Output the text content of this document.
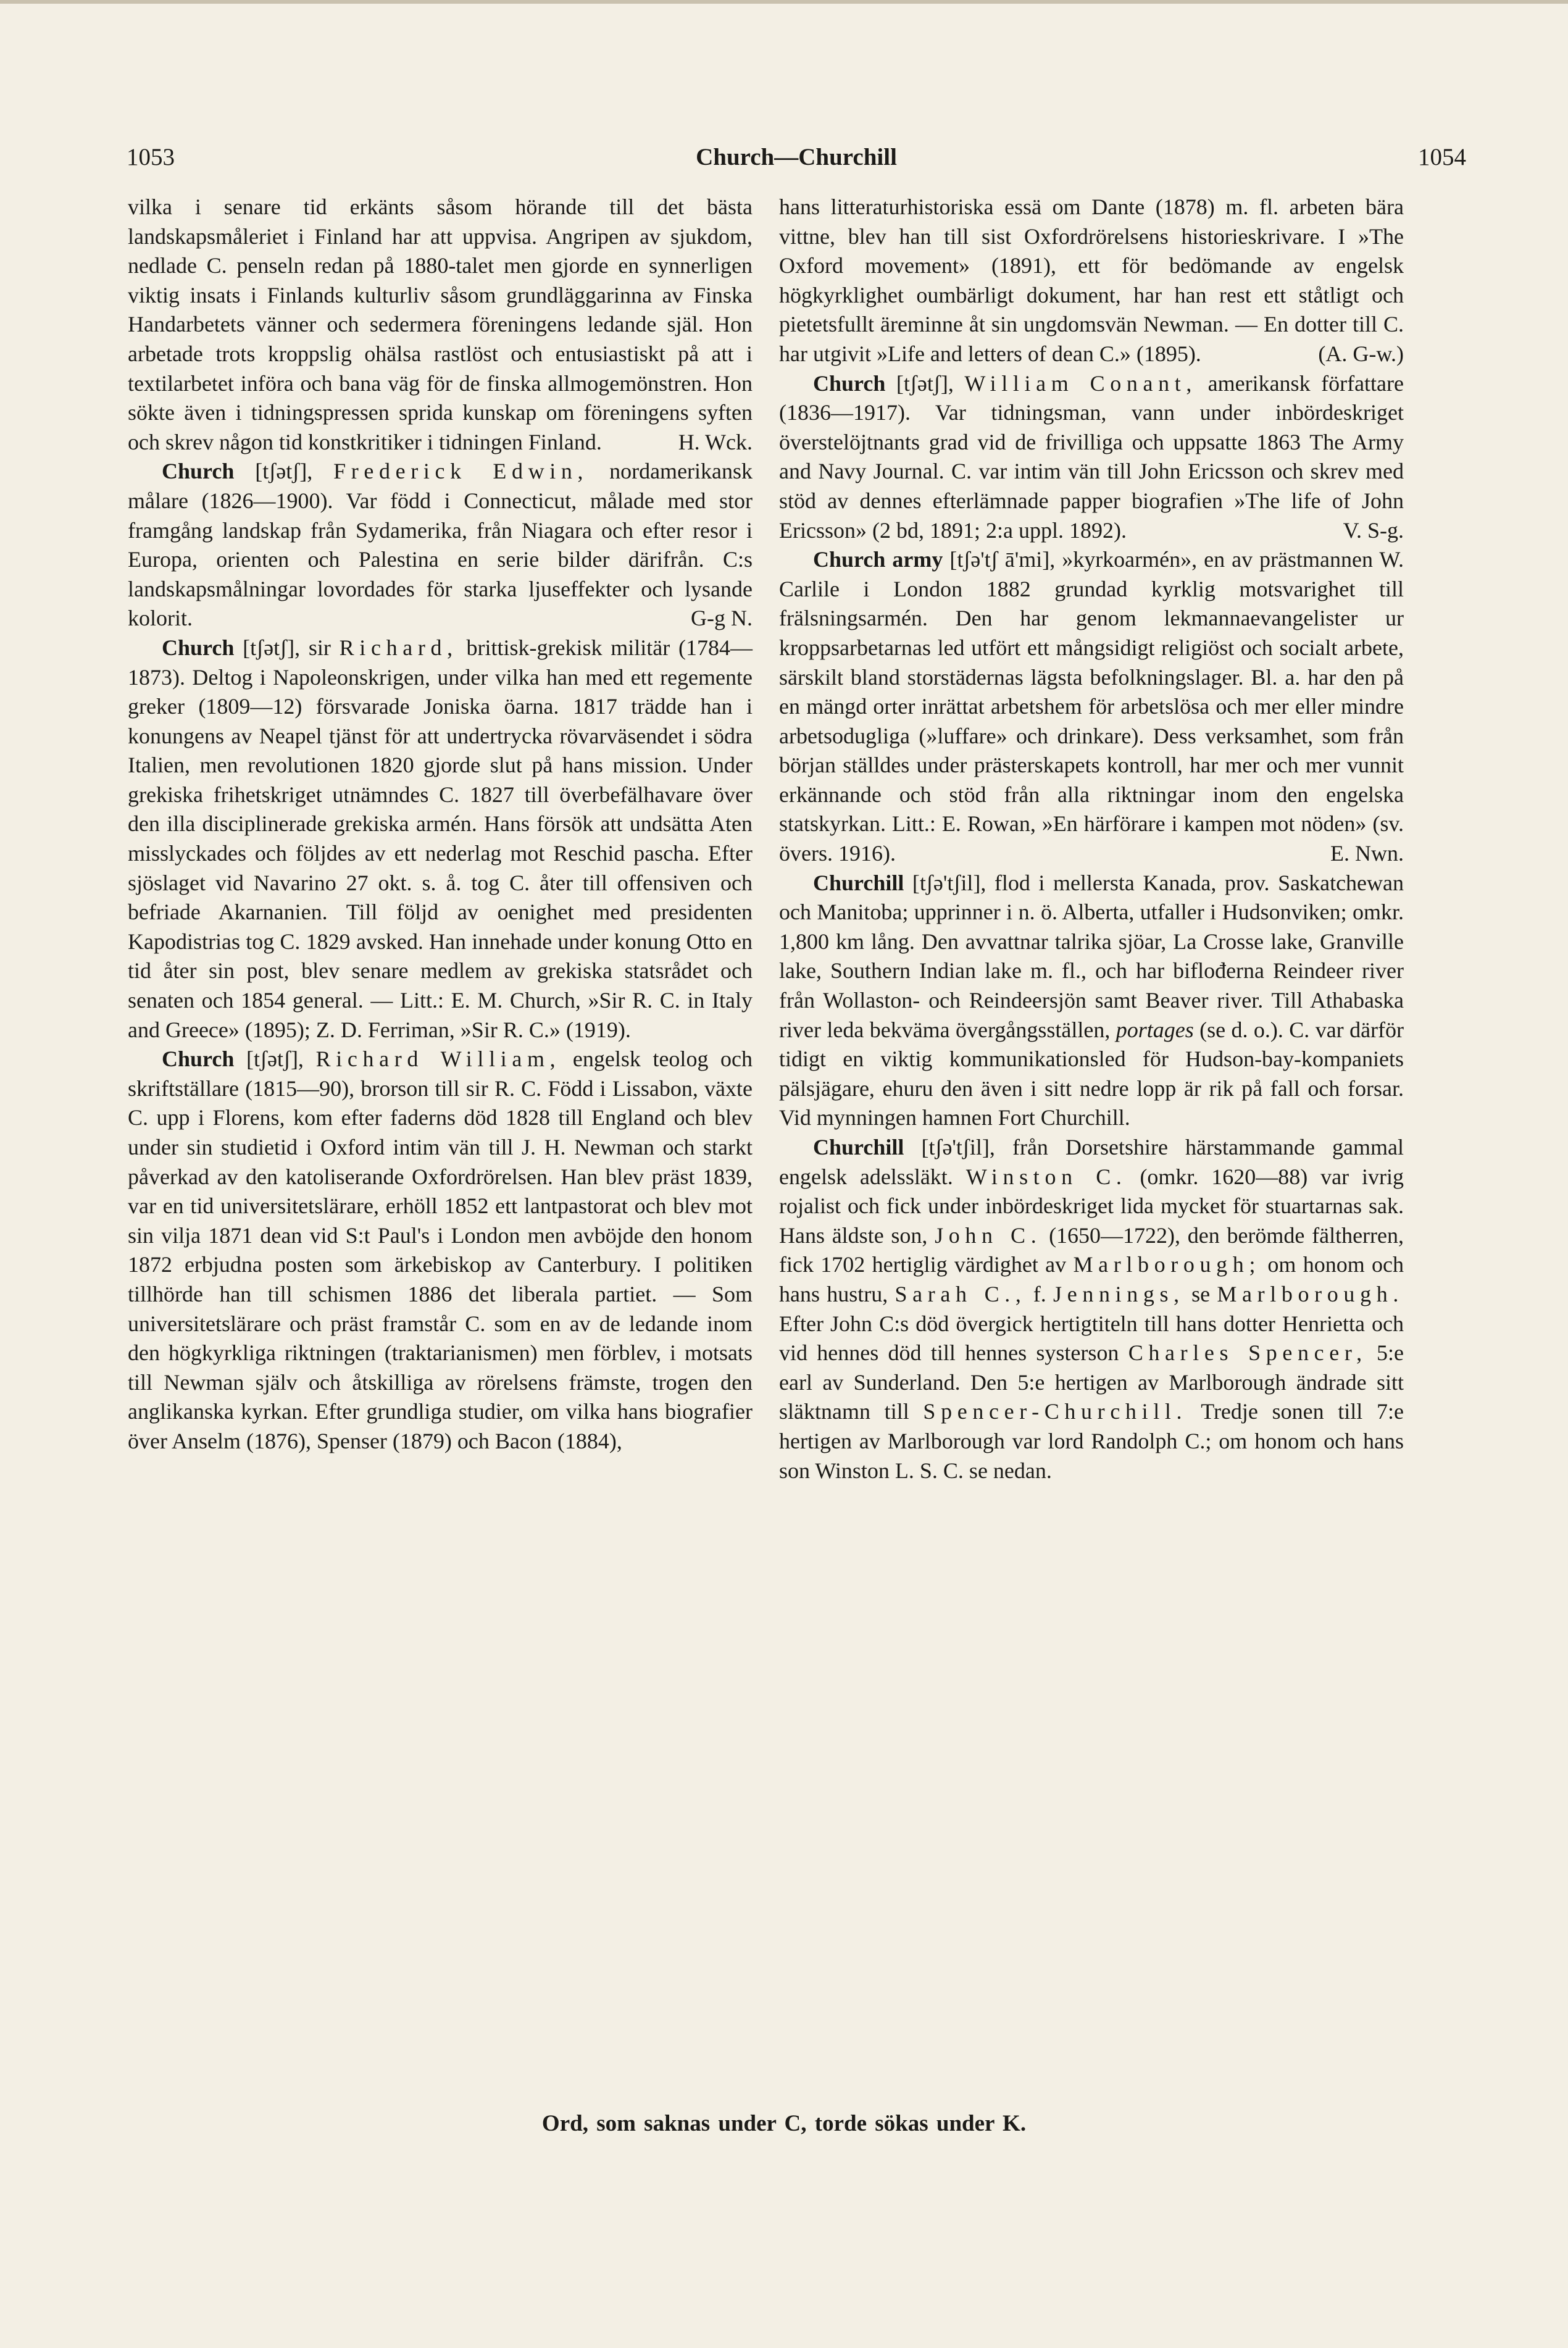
1053	Church—Churchill	1054

vilka i senare tid erkänts såsom hörande till det bästa landskapsmåleriet i Finland har att uppvisa. Angripen av sjukdom, nedlade C. penseln redan på 1880-talet men gjorde en synnerligen viktig insats i Finlands kulturliv såsom grundläggarinna av Finska Handarbetets vänner och sedermera föreningens ledande själ. Hon arbetade trots kroppslig ohälsa rastlöst och entusiastiskt på att i textilarbetet införa och bana väg för de finska allmogemönstren. Hon sökte även i tidningspressen sprida kunskap om föreningens syften och skrev någon tid konstkritiker i tidningen Finland.	H. Wck.

Church [tʃətʃ], Frederick Edwin, nordamerikansk målare (1826—1900). Var född i Connecticut, målade med stor framgång landskap från Sydamerika, från Niagara och efter resor i Europa, orienten och Palestina en serie bilder därifrån. C:s landskapsmålningar lovordades för starka ljuseffekter och lysande kolorit.	G-g N.

Church [tʃətʃ], sir Richard, brittisk-grekisk militär (1784—1873). Deltog i Napoleonskrigen, under vilka han med ett regemente greker (1809—12) försvarade Joniska öarna. 1817 trädde han i konungens av Neapel tjänst för att undertrycka rövarväsendet i södra Italien, men revolutionen 1820 gjorde slut på hans mission. Under grekiska frihetskriget utnämndes C. 1827 till överbefälhavare över den illa disciplinerade grekiska armén. Hans försök att undsätta Aten misslyckades och följdes av ett nederlag mot Reschid pascha. Efter sjöslaget vid Navarino 27 okt. s. å. tog C. åter till offensiven och befriade Akarnanien. Till följd av oenighet med presidenten Kapodistrias tog C. 1829 avsked. Han innehade under konung Otto en tid åter sin post, blev senare medlem av grekiska statsrådet och senaten och 1854 general. — Litt.: E. M. Church, »Sir R. C. in Italy and Greece» (1895); Z. D. Ferriman, »Sir R. C.» (1919).

Church [tʃətʃ], Richard William, engelsk teolog och skriftställare (1815—90), brorson till sir R. C. Född i Lissabon, växte C. upp i Florens, kom efter faderns död 1828 till England och blev under sin studietid i Oxford intim vän till J. H. Newman och starkt påverkad av den katoliserande Oxfordrörelsen. Han blev präst 1839, var en tid universitetslärare, erhöll 1852 ett lantpastorat och blev mot sin vilja 1871 dean vid S:t Paul's i London men avböjde den honom 1872 erbjudna posten som ärkebiskop av Canterbury. I politiken tillhörde han till schismen 1886 det liberala partiet. — Som universitetslärare och präst framstår C. som en av de ledande inom den högkyrkliga riktningen (traktarianismen) men förblev, i motsats till Newman själv och åtskilliga av rörelsens främste, trogen den anglikanska kyrkan. Efter grundliga studier, om vilka hans biografier över Anselm (1876), Spenser (1879) och Bacon (1884),

hans litteraturhistoriska essä om Dante (1878) m. fl. arbeten bära vittne, blev han till sist Oxfordrörelsens historieskrivare. I »The Oxford movement» (1891), ett för bedömande av engelsk högkyrklighet oumbärligt dokument, har han rest ett ståtligt och pietetsfullt äreminne åt sin ungdomsvän Newman. — En dotter till C. har utgivit »Life and letters of dean C.» (1895).	(A. G-w.)

Church [tʃətʃ], William Conant, amerikansk författare (1836—1917). Var tidningsman, vann under inbördeskriget överstelöjtnants grad vid de frivilliga och uppsatte 1863 The Army and Navy Journal. C. var intim vän till John Ericsson och skrev med stöd av dennes efterlämnade papper biografien »The life of John Ericsson» (2 bd, 1891; 2:a uppl. 1892).	V. S-g.

Church army [tʃə'tʃ ā'mi], »kyrkoarmén», en av prästmannen W. Carlile i London 1882 grundad kyrklig motsvarighet till frälsningsarmén. Den har genom lekmannaevangelister ur kroppsarbetarnas led utfört ett mångsidigt religiöst och socialt arbete, särskilt bland storstädernas lägsta befolkningslager. Bl. a. har den på en mängd orter inrättat arbetshem för arbetslösa och mer eller mindre arbetsodugliga (»luffare» och drinkare). Dess verksamhet, som från början ställdes under prästerskapets kontroll, har mer och mer vunnit erkännande och stöd från alla riktningar inom den engelska statskyrkan. Litt.: E. Rowan, »En härförare i kampen mot nöden» (sv. övers. 1916).	E. Nwn.

Churchill [tʃə'tʃil], flod i mellersta Kanada, prov. Saskatchewan och Manitoba; upprinner i n. ö. Alberta, utfaller i Hudsonviken; omkr. 1,800 km lång. Den avvattnar talrika sjöar, La Crosse lake, Granville lake, Southern Indian lake m. fl., och har biflođerna Reindeer river från Wollaston- och Reindeersjön samt Beaver river. Till Athabaska river leda bekväma övergångsställen, portages (se d. o.). C. var därför tidigt en viktig kommunikationsled för Hudson-bay-kompaniets pälsjägare, ehuru den även i sitt nedre lopp är rik på fall och forsar. Vid mynningen hamnen Fort Churchill.

Churchill [tʃə'tʃil], från Dorsetshire härstammande gammal engelsk adelssläkt. Winston C. (omkr. 1620—88) var ivrig rojalist och fick under inbördeskriget lida mycket för stuartarnas sak. Hans äldste son, John C. (1650—1722), den berömde fältherren, fick 1702 hertiglig värdighet av Marlborough; om honom och hans hustru, Sarah C., f. Jennings, se Marlborough. Efter John C:s död övergick hertigtiteln till hans dotter Henrietta och vid hennes död till hennes systerson Charles Spencer, 5:e earl av Sunderland. Den 5:e hertigen av Marlborough ändrade sitt släktnamn till Spencer-Churchill. Tredje sonen till 7:e hertigen av Marlborough var lord Randolph C.; om honom och hans son Winston L. S. C. se nedan.

Ord, som saknas under C, torde sökas under K.
